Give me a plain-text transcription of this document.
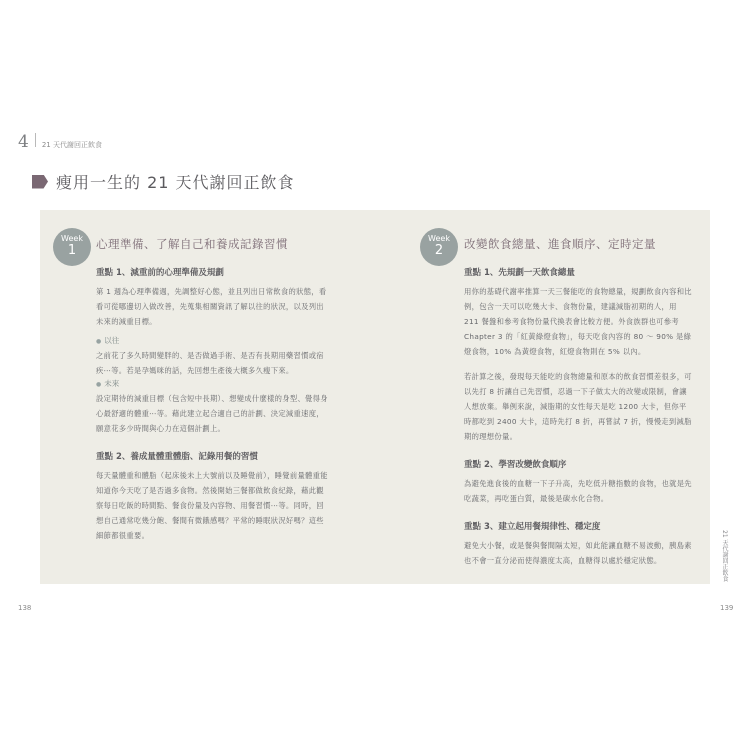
4 21 天代謝回正飲食
瘦用一生的 21 天代謝回正飲食
Week
1	心理準備、了解自己和養成記錄習慣
重點 1、減重前的心理準備及規劃
第 1 週為心理準備週，先調整好心態，並且列出日常飲食的狀態，看看可從哪邊切入做改善，先蒐集相關資訊了解以往的狀況，以及列出未來的減重目標。
● 以往
之前花了多久時間變胖的、是否做過手術、是否有長期用藥習慣或宿疾⋯等。若是孕媽咪的話，先回想生產後大概多久瘦下來。
● 未來
設定期待的減重目標（包含短中長期）、想變成什麼樣的身型、覺得身心最舒適的體重⋯等。藉此建立起合適自己的計劃、決定減重速度，願意花多少時間與心力在這個計劃上。
重點 2、養成量體重體脂、記錄用餐的習慣
每天量體重和體脂（起床後未上大號前以及睡覺前），睡覺前量體重能知道你今天吃了是否過多食物。然後開始三餐都做飲食紀錄，藉此觀察每日吃飯的時間點、餐食份量及內容物、用餐習慣⋯等。同時，回想自己通常吃幾分飽、餐間有微餓感嗎？平常的睡眠狀況好嗎？這些細節都很重要。
Week
2	改變飲食總量、進食順序、定時定量
重點 1、先規劃一天飲食總量
用你的基礎代謝率推算一天三餐能吃的食物總量，規劃飲食內容和比例，包含一天可以吃幾大卡、食物份量，建議減脂初期的人，用 211 餐盤和參考食物份量代換表會比較方便。外食族群也可參考 Chapter 3 的「紅黃綠燈食物」，每天吃食內容的 80 ～ 90% 是綠燈食物，10% 為黃燈食物，紅燈食物則在 5% 以內。
若計算之後，發現每天能吃的食物總量和原本的飲食習慣差很多，可以先打 8 折讓自己先習慣，忍過一下子做太大的改變或限制，會讓人想放棄。舉例來說，減脂期的女性每天是吃 1200 大卡，但你平時都吃到 2400 大卡，這時先打 8 折，再嘗試 7 折，慢慢走到減脂期的理想份量。
重點 2、學習改變飲食順序
為避免進食後的血糖一下子升高，先吃低升糖指數的食物，也就是先吃蔬菜，再吃蛋白質，最後是碳水化合物。
重點 3、建立起用餐規律性、穩定度
避免大小餐，或是餐與餐間隔太短，如此能讓血糖不易波動，胰島素也不會一直分泌而使得濃度太高，血糖得以處於穩定狀態。	21 天代謝回正飲食
138	139
